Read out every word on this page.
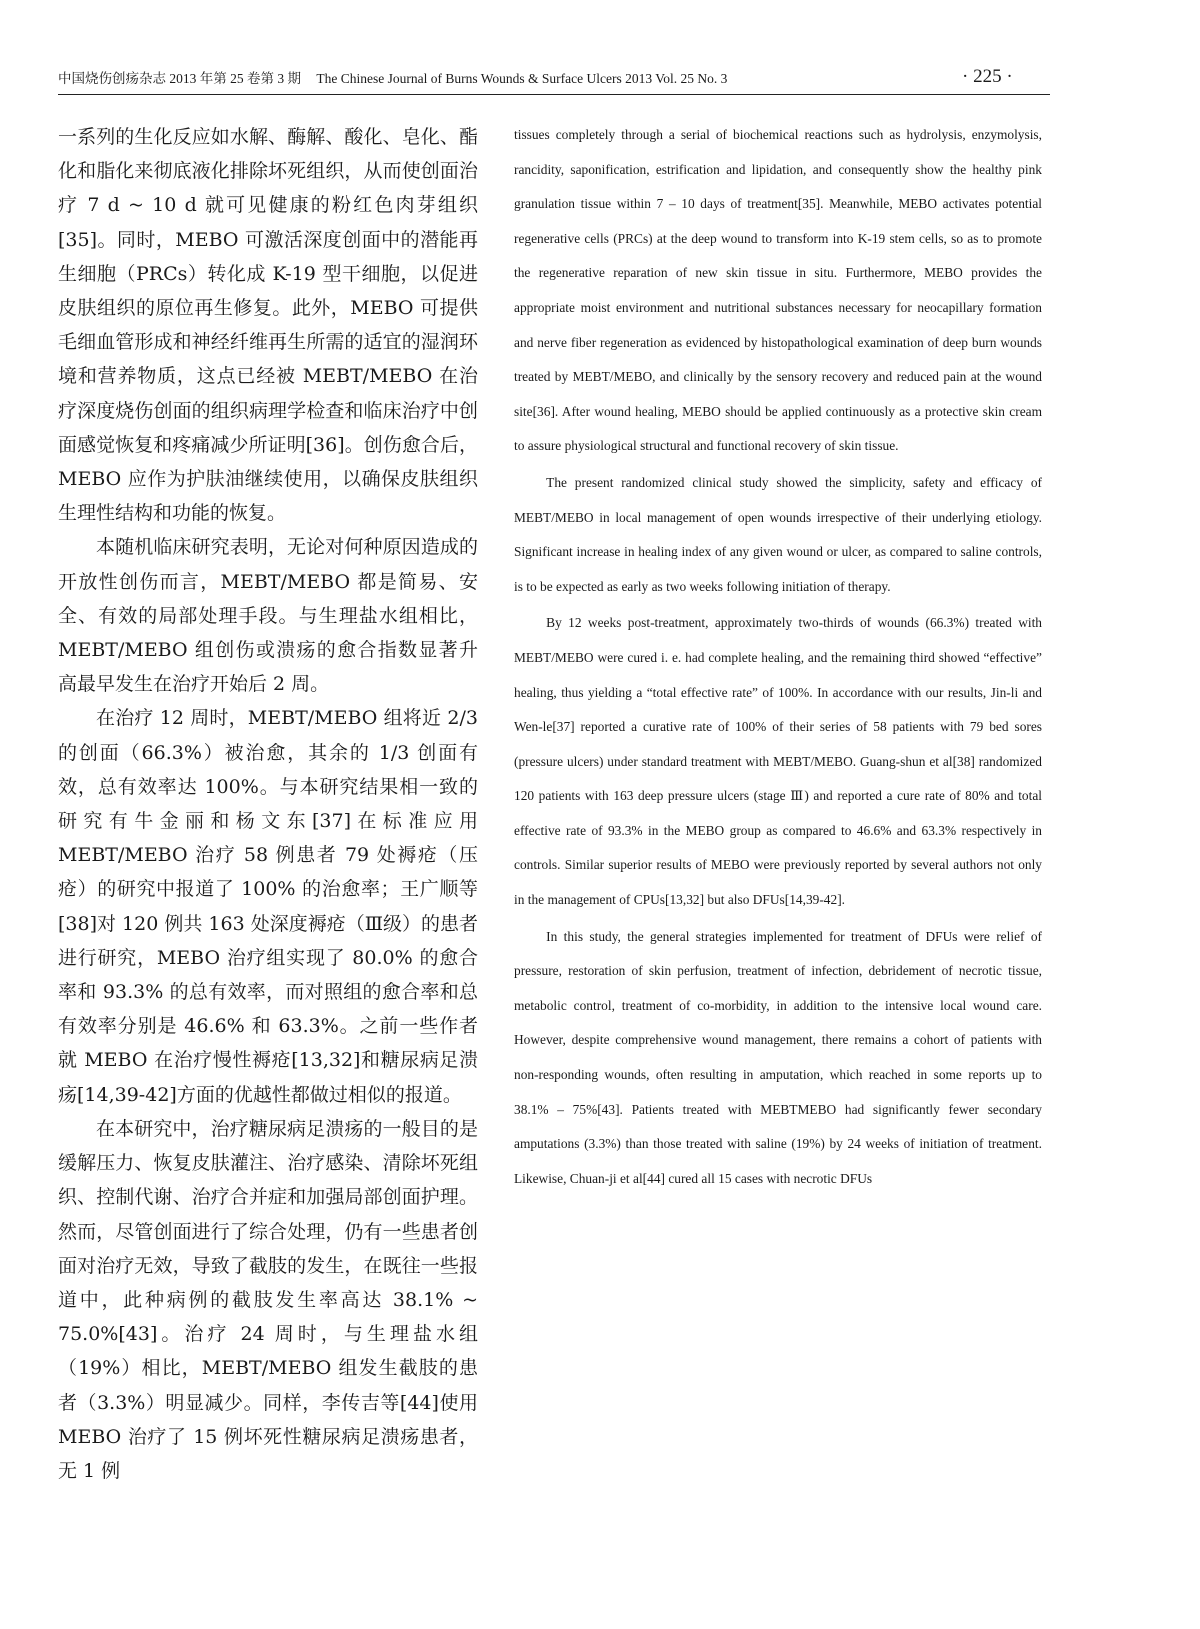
中国烧伤创疡杂志 2013 年第 25 卷第 3 期 The Chinese Journal of Burns Wounds & Surface Ulcers 2013 Vol. 25 No. 3	· 225 ·

一系列的生化反应如水解、酶解、酸化、皂化、酯化和脂化来彻底液化排除坏死组织，从而使创面治疗 7 d ~ 10 d 就可见健康的粉红色肉芽组织[35]。同时，MEBO 可激活深度创面中的潜能再生细胞（PRCs）转化成 K-19 型干细胞，以促进皮肤组织的原位再生修复。此外，MEBO 可提供毛细血管形成和神经纤维再生所需的适宜的湿润环境和营养物质，这点已经被 MEBT/MEBO 在治疗深度烧伤创面的组织病理学检查和临床治疗中创面感觉恢复和疼痛减少所证明[36]。创伤愈合后，MEBO 应作为护肤油继续使用，以确保皮肤组织生理性结构和功能的恢复。

本随机临床研究表明，无论对何种原因造成的开放性创伤而言，MEBT/MEBO 都是简易、安全、有效的局部处理手段。与生理盐水组相比，MEBT/MEBO 组创伤或溃疡的愈合指数显著升高最早发生在治疗开始后 2 周。

在治疗 12 周时，MEBT/MEBO 组将近 2/3 的创面（66.3%）被治愈，其余的 1/3 创面有效，总有效率达 100%。与本研究结果相一致的研究有牛金丽和杨文东[37]在标准应用 MEBT/MEBO 治疗 58 例患者 79 处褥疮（压疮）的研究中报道了 100% 的治愈率；王广顺等[38]对 120 例共 163 处深度褥疮（Ⅲ级）的患者进行研究，MEBO 治疗组实现了 80.0% 的愈合率和 93.3% 的总有效率，而对照组的愈合率和总有效率分别是 46.6% 和 63.3%。之前一些作者就 MEBO 在治疗慢性褥疮[13,32]和糖尿病足溃疡[14,39-42]方面的优越性都做过相似的报道。

在本研究中，治疗糖尿病足溃疡的一般目的是缓解压力、恢复皮肤灌注、治疗感染、清除坏死组织、控制代谢、治疗合并症和加强局部创面护理。然而，尽管创面进行了综合处理，仍有一些患者创面对治疗无效，导致了截肢的发生，在既往一些报道中，此种病例的截肢发生率高达 38.1% ~ 75.0%[43]。治疗 24 周时，与生理盐水组（19%）相比，MEBT/MEBO 组发生截肢的患者（3.3%）明显减少。同样，李传吉等[44]使用 MEBO 治疗了 15 例坏死性糖尿病足溃疡患者，无 1 例

tissues completely through a serial of biochemical reactions such as hydrolysis, enzymolysis, rancidity, saponification, estrification and lipidation, and consequently show the healthy pink granulation tissue within 7 – 10 days of treatment[35]. Meanwhile, MEBO activates potential regenerative cells (PRCs) at the deep wound to transform into K-19 stem cells, so as to promote the regenerative reparation of new skin tissue in situ. Furthermore, MEBO provides the appropriate moist environment and nutritional substances necessary for neocapillary formation and nerve fiber regeneration as evidenced by histopathological examination of deep burn wounds treated by MEBT/MEBO, and clinically by the sensory recovery and reduced pain at the wound site[36]. After wound healing, MEBO should be applied continuously as a protective skin cream to assure physiological structural and functional recovery of skin tissue.

The present randomized clinical study showed the simplicity, safety and efficacy of MEBT/MEBO in local management of open wounds irrespective of their underlying etiology. Significant increase in healing index of any given wound or ulcer, as compared to saline controls, is to be expected as early as two weeks following initiation of therapy.

By 12 weeks post-treatment, approximately two-thirds of wounds (66.3%) treated with MEBT/MEBO were cured i. e. had complete healing, and the remaining third showed “effective” healing, thus yielding a “total effective rate” of 100%. In accordance with our results, Jin-li and Wen-le[37] reported a curative rate of 100% of their series of 58 patients with 79 bed sores (pressure ulcers) under standard treatment with MEBT/MEBO. Guang-shun et al[38] randomized 120 patients with 163 deep pressure ulcers (stage Ⅲ) and reported a cure rate of 80% and total effective rate of 93.3% in the MEBO group as compared to 46.6% and 63.3% respectively in controls. Similar superior results of MEBO were previously reported by several authors not only in the management of CPUs[13,32] but also DFUs[14,39-42].

In this study, the general strategies implemented for treatment of DFUs were relief of pressure, restoration of skin perfusion, treatment of infection, debridement of necrotic tissue, metabolic control, treatment of co-morbidity, in addition to the intensive local wound care. However, despite comprehensive wound management, there remains a cohort of patients with non-responding wounds, often resulting in amputation, which reached in some reports up to 38.1% – 75%[43]. Patients treated with MEBTMEBO had significantly fewer secondary amputations (3.3%) than those treated with saline (19%) by 24 weeks of initiation of treatment. Likewise, Chuan-ji et al[44] cured all 15 cases with necrotic DFUs
